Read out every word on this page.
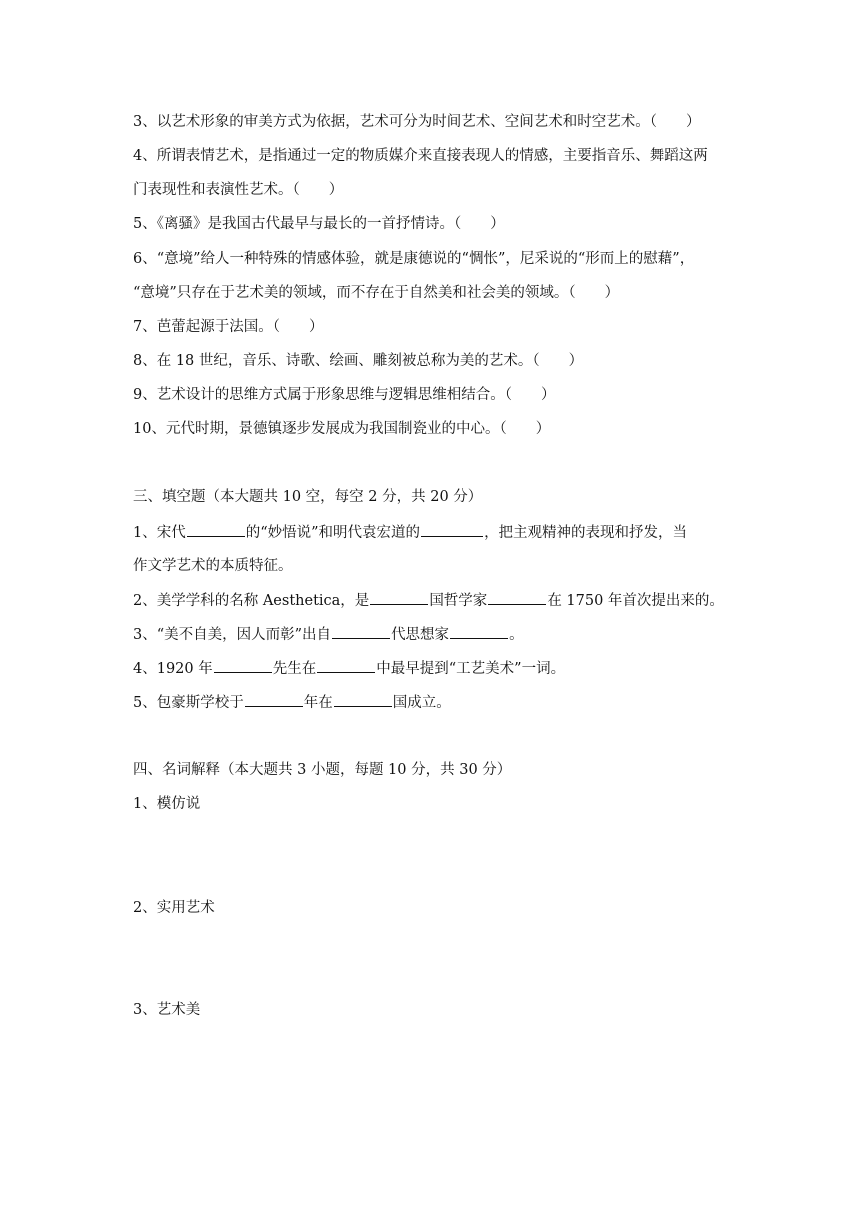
3、以艺术形象的审美方式为依据，艺术可分为时间艺术、空间艺术和时空艺术。（　　）
4、所谓表情艺术，是指通过一定的物质媒介来直接表现人的情感，主要指音乐、舞蹈这两
门表现性和表演性艺术。（　　）
5、《离骚》是我国古代最早与最长的一首抒情诗。（　　）
6、“意境”给人一种特殊的情感体验，就是康德说的“惆怅”，尼采说的“形而上的慰藉”，
“意境”只存在于艺术美的领域，而不存在于自然美和社会美的领域。（　　）
7、芭蕾起源于法国。（　　）
8、在 18 世纪，音乐、诗歌、绘画、雕刻被总称为美的艺术。（　　）
9、艺术设计的思维方式属于形象思维与逻辑思维相结合。（　　）
10、元代时期，景德镇逐步发展成为我国制瓷业的中心。（　　）
三、填空题（本大题共 10 空，每空 2 分，共 20 分）
1、宋代	的“妙悟说”和明代袁宏道的	，把主观精神的表现和抒发，当
作文学艺术的本质特征。
2、美学学科的名称 Aesthetica，是	国哲学家	在 1750 年首次提出来的。
3、“美不自美，因人而彰”出自	代思想家	。
4、1920 年	先生在	中最早提到“工艺美术”一词。
5、包豪斯学校于	年在	国成立。
四、名词解释（本大题共 3 小题，每题 10 分，共 30 分）
1、模仿说
2、实用艺术
3、艺术美
